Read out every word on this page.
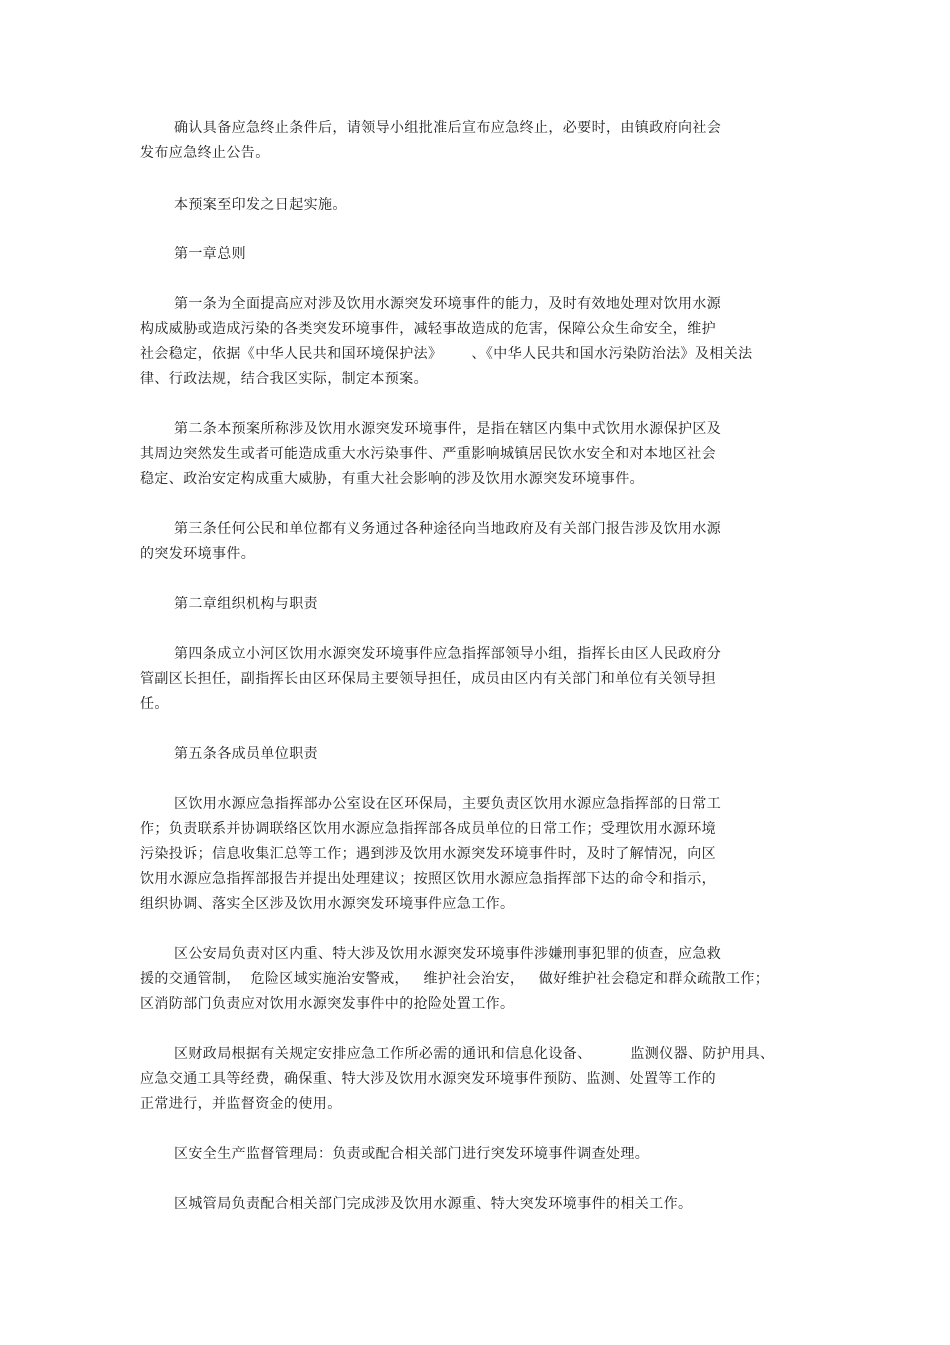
确认具备应急终止条件后，请领导小组批准后宣布应急终止，必要时，由镇政府向社会
发布应急终止公告。
本预案至印发之日起实施。
第一章总则
第一条为全面提高应对涉及饮用水源突发环境事件的能力，及时有效地处理对饮用水源
构成威胁或造成污染的各类突发环境事件，减轻事故造成的危害，保障公众生命安全，维护
社会稳定，依据《中华人民共和国环境保护法》      、《中华人民共和国水污染防治法》及相关法
律、行政法规，结合我区实际，制定本预案。
第二条本预案所称涉及饮用水源突发环境事件，是指在辖区内集中式饮用水源保护区及
其周边突然发生或者可能造成重大水污染事件、严重影响城镇居民饮水安全和对本地区社会
稳定、政治安定构成重大威胁，有重大社会影响的涉及饮用水源突发环境事件。
第三条任何公民和单位都有义务通过各种途径向当地政府及有关部门报告涉及饮用水源
的突发环境事件。
第二章组织机构与职责
第四条成立小河区饮用水源突发环境事件应急指挥部领导小组，指挥长由区人民政府分
管副区长担任，副指挥长由区环保局主要领导担任，成员由区内有关部门和单位有关领导担
任。
第五条各成员单位职责
区饮用水源应急指挥部办公室设在区环保局，主要负责区饮用水源应急指挥部的日常工
作；负责联系并协调联络区饮用水源应急指挥部各成员单位的日常工作；受理饮用水源环境
污染投诉；信息收集汇总等工作；遇到涉及饮用水源突发环境事件时，及时了解情况，向区
饮用水源应急指挥部报告并提出处理建议；按照区饮用水源应急指挥部下达的命令和指示，
组织协调、落实全区涉及饮用水源突发环境事件应急工作。
区公安局负责对区内重、特大涉及饮用水源突发环境事件涉嫌刑事犯罪的侦查，应急救
援的交通管制，  危险区域实施治安警戒，   维护社会治安，   做好维护社会稳定和群众疏散工作；
区消防部门负责应对饮用水源突发事件中的抢险处置工作。
区财政局根据有关规定安排应急工作所必需的通讯和信息化设备、        监测仪器、防护用具、
应急交通工具等经费，确保重、特大涉及饮用水源突发环境事件预防、监测、处置等工作的
正常进行，并监督资金的使用。
区安全生产监督管理局：负责或配合相关部门进行突发环境事件调查处理。
区城管局负责配合相关部门完成涉及饮用水源重、特大突发环境事件的相关工作。
